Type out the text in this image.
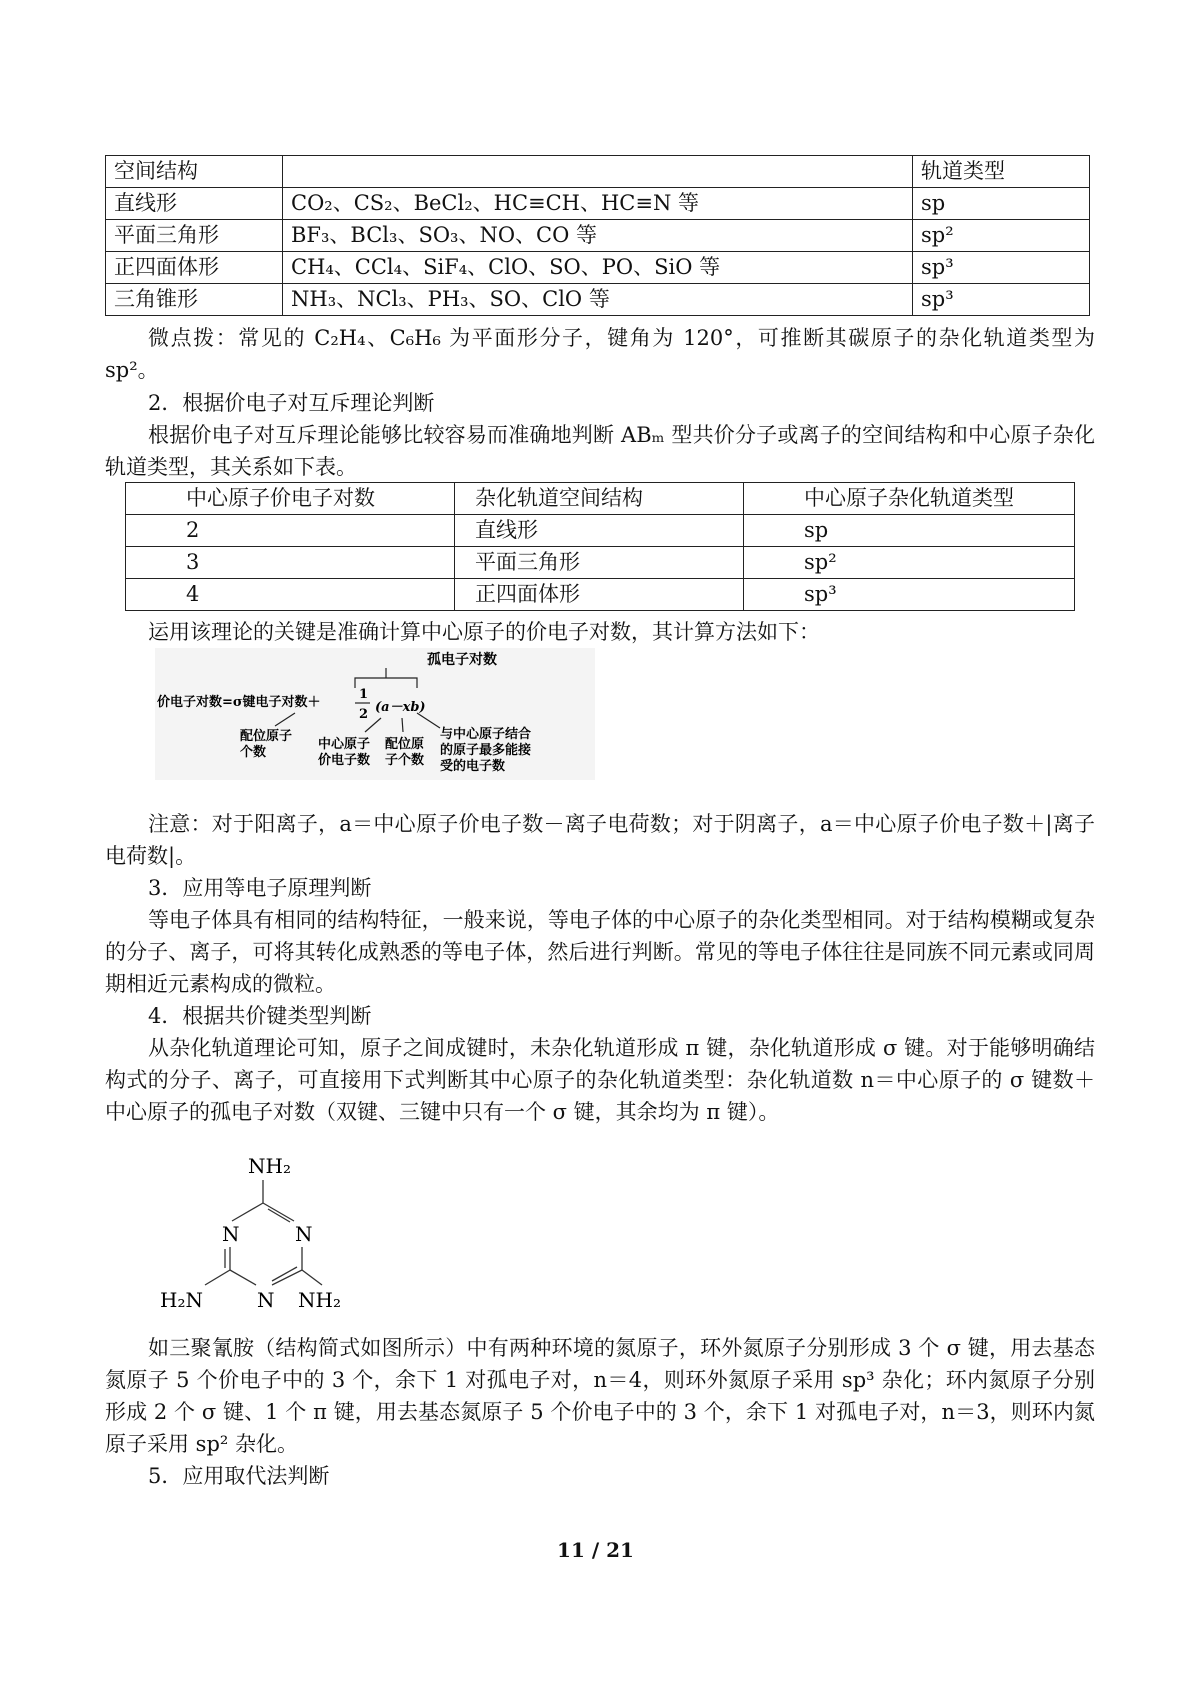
空间结构		轨道类型
直线形	CO₂、CS₂、BeCl₂、HC≡CH、HC≡N 等	sp
平面三角形	BF₃、BCl₃、SO₃、NO、CO 等	sp²
正四面体形	CH₄、CCl₄、SiF₄、ClO、SO、PO、SiO 等	sp³
三角锥形	NH₃、NCl₃、PH₃、SO、ClO 等	sp³

微点拨：常见的 C₂H₄、C₆H₆ 为平面形分子，键角为 120°，可推断其碳原子的杂化轨道类型为 sp²。

2．根据价电子对互斥理论判断

根据价电子对互斥理论能够比较容易而准确地判断 ABₘ 型共价分子或离子的空间结构和中心原子杂化轨道类型，其关系如下表。

中心原子价电子对数	杂化轨道空间结构	中心原子杂化轨道类型
2	直线形	sp
3	平面三角形	sp²
4	正四面体形	sp³

运用该理论的关键是准确计算中心原子的价电子对数，其计算方法如下：

价电子对数=σ键电子对数＋
孤电子对数
1
2 (a－xb)
配位原子
个数
中心原子
价电子数
配位原
子个数
与中心原子结合
的原子最多能接
受的电子数

注意：对于阳离子，a＝中心原子价电子数－离子电荷数；对于阴离子，a＝中心原子价电子数＋|离子电荷数|。

3．应用等电子原理判断

等电子体具有相同的结构特征，一般来说，等电子体的中心原子的杂化类型相同。对于结构模糊或复杂的分子、离子，可将其转化成熟悉的等电子体，然后进行判断。常见的等电子体往往是同族不同元素或同周期相近元素构成的微粒。

4．根据共价键类型判断

从杂化轨道理论可知，原子之间成键时，未杂化轨道形成 π 键，杂化轨道形成 σ 键。对于能够明确结构式的分子、离子，可直接用下式判断其中心原子的杂化轨道类型：杂化轨道数 n＝中心原子的 σ 键数＋中心原子的孤电子对数（双键、三键中只有一个 σ 键，其余均为 π 键）。

NH₂
N	N
N
H₂N	NH₂

如三聚氰胺（结构简式如图所示）中有两种环境的氮原子，环外氮原子分别形成 3 个 σ 键，用去基态氮原子 5 个价电子中的 3 个，余下 1 对孤电子对，n＝4，则环外氮原子采用 sp³ 杂化；环内氮原子分别形成 2 个 σ 键、1 个 π 键，用去基态氮原子 5 个价电子中的 3 个，余下 1 对孤电子对，n＝3，则环内氮原子采用 sp² 杂化。

5．应用取代法判断

11 / 21
